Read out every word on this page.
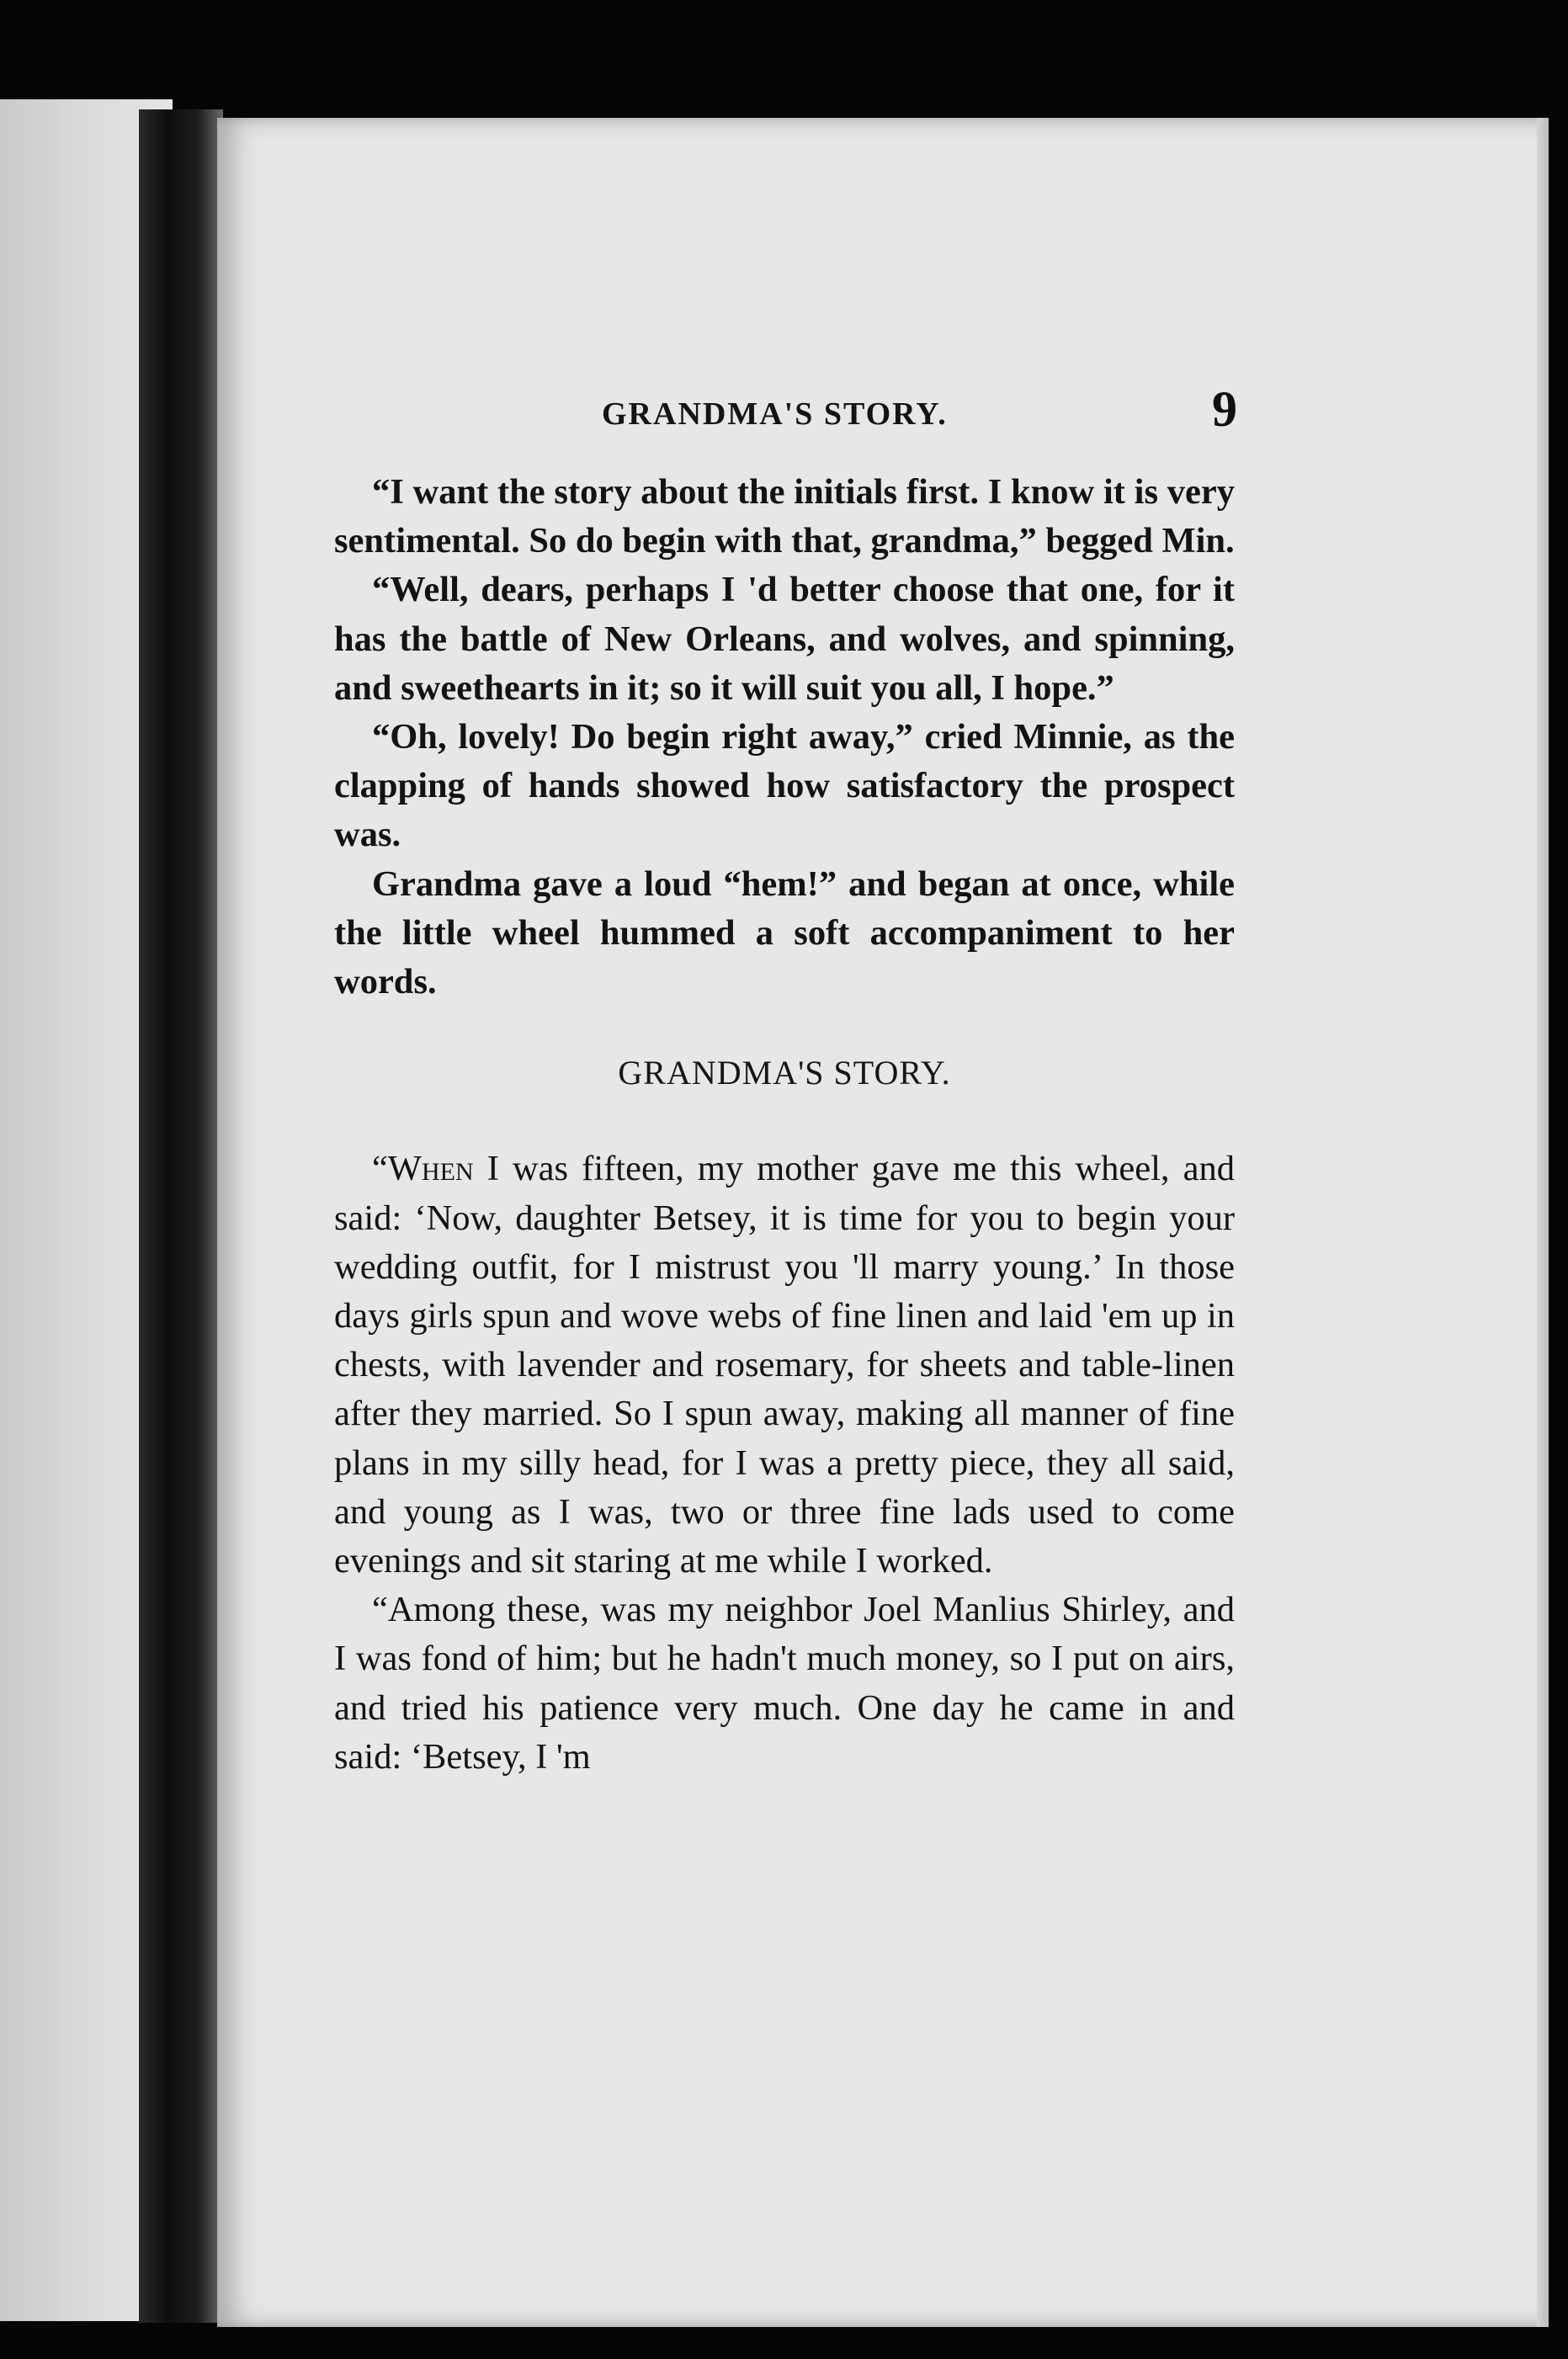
GRANDMA'S STORY.	9

“I want the story about the initials first. I know it is very sentimental. So do begin with that, grandma,” begged Min.

“Well, dears, perhaps I 'd better choose that one, for it has the battle of New Orleans, and wolves, and spinning, and sweethearts in it; so it will suit you all, I hope.”

“Oh, lovely! Do begin right away,” cried Minnie, as the clapping of hands showed how satisfactory the prospect was.

Grandma gave a loud “hem!” and began at once, while the little wheel hummed a soft accompaniment to her words.

GRANDMA'S STORY.

“When I was fifteen, my mother gave me this wheel, and said: ‘Now, daughter Betsey, it is time for you to begin your wedding outfit, for I mistrust you 'll marry young.’ In those days girls spun and wove webs of fine linen and laid 'em up in chests, with lavender and rosemary, for sheets and table-linen after they married. So I spun away, making all manner of fine plans in my silly head, for I was a pretty piece, they all said, and young as I was, two or three fine lads used to come evenings and sit staring at me while I worked.

“Among these, was my neighbor Joel Manlius Shirley, and I was fond of him; but he hadn't much money, so I put on airs, and tried his patience very much. One day he came in and said: ‘Betsey, I 'm
